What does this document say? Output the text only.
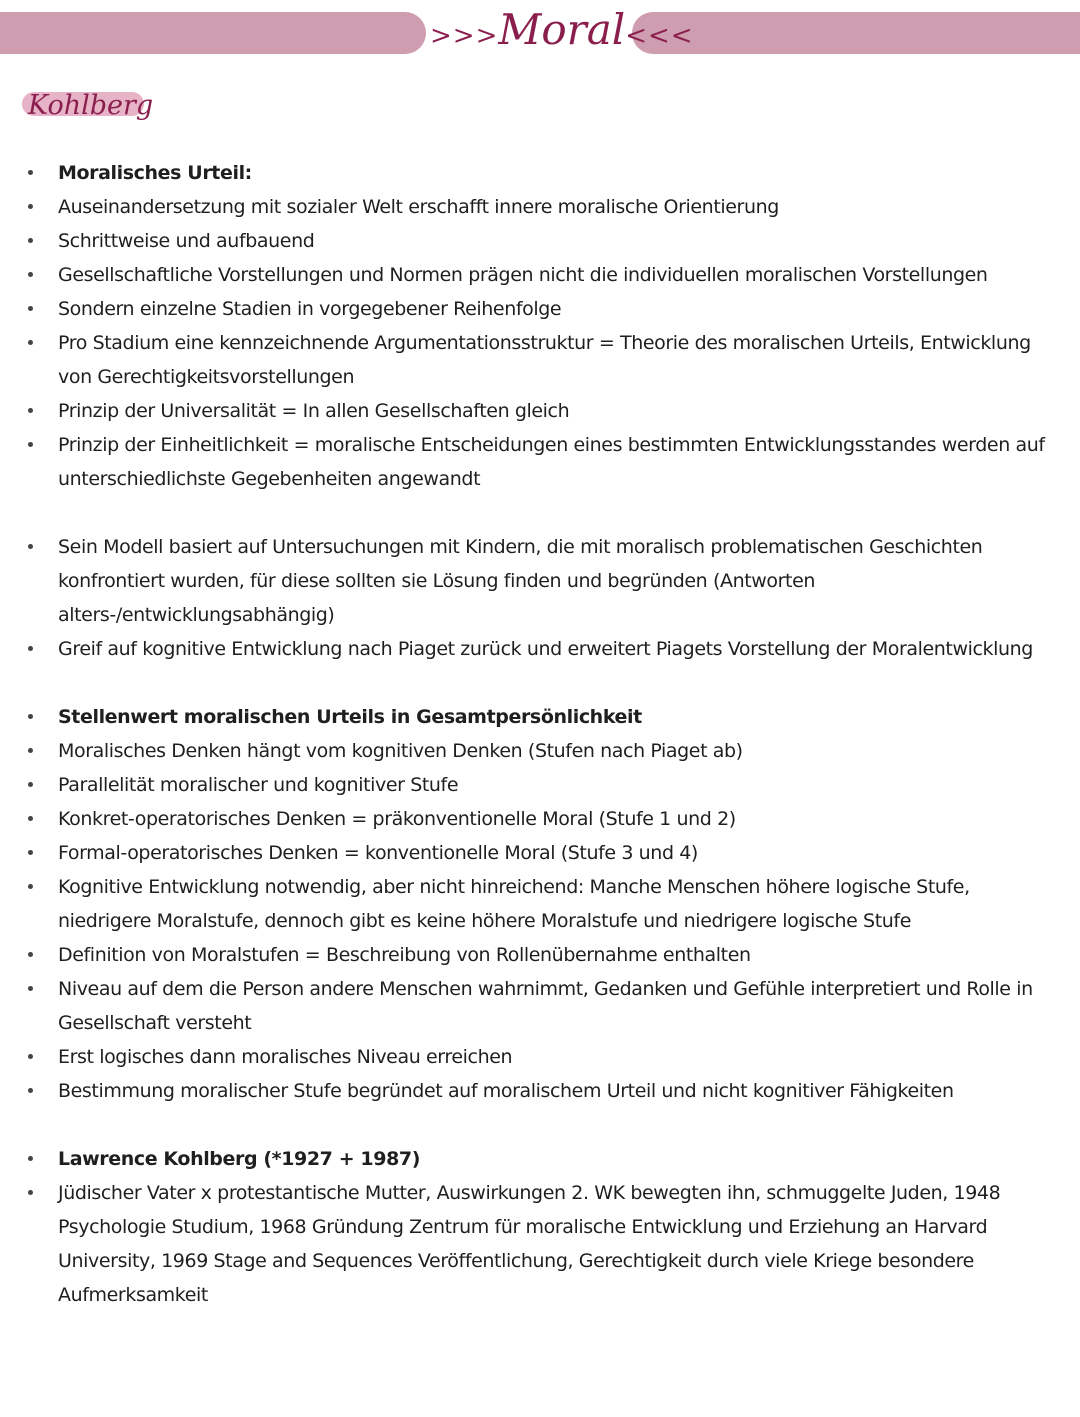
>>>Moral<<<
Kohlberg
Moralisches Urteil:
Auseinandersetzung mit sozialer Welt erschafft innere moralische Orientierung
Schrittweise und aufbauend
Gesellschaftliche Vorstellungen und Normen prägen nicht die individuellen moralischen Vorstellungen
Sondern einzelne Stadien in vorgegebener Reihenfolge
Pro Stadium eine kennzeichnende Argumentationsstruktur = Theorie des moralischen Urteils, Entwicklung von Gerechtigkeitsvorstellungen
Prinzip der Universalität = In allen Gesellschaften gleich
Prinzip der Einheitlichkeit = moralische Entscheidungen eines bestimmten Entwicklungsstandes werden auf unterschiedlichste Gegebenheiten angewandt
Sein Modell basiert auf Untersuchungen mit Kindern, die mit moralisch problematischen Geschichten konfrontiert wurden, für diese sollten sie Lösung finden und begründen (Antworten alters-/entwicklungsabhängig)
Greif auf kognitive Entwicklung nach Piaget zurück und erweitert Piagets Vorstellung der Moralentwicklung
Stellenwert moralischen Urteils in Gesamtpersönlichkeit
Moralisches Denken hängt vom kognitiven Denken (Stufen nach Piaget ab)
Parallelität moralischer und kognitiver Stufe
Konkret-operatorisches Denken = präkonventionelle Moral (Stufe 1 und 2)
Formal-operatorisches Denken = konventionelle Moral (Stufe 3 und 4)
Kognitive Entwicklung notwendig, aber nicht hinreichend: Manche Menschen höhere logische Stufe, niedrigere Moralstufe, dennoch gibt es keine höhere Moralstufe und niedrigere logische Stufe
Definition von Moralstufen = Beschreibung von Rollenübernahme enthalten
Niveau auf dem die Person andere Menschen wahrnimmt, Gedanken und Gefühle interpretiert und Rolle in Gesellschaft versteht
Erst logisches dann moralisches Niveau erreichen
Bestimmung moralischer Stufe begründet auf moralischem Urteil und nicht kognitiver Fähigkeiten
Lawrence Kohlberg (*1927 + 1987)
Jüdischer Vater x protestantische Mutter, Auswirkungen 2. WK bewegten ihn, schmuggelte Juden, 1948 Psychologie Studium, 1968 Gründung Zentrum für moralische Entwicklung und Erziehung an Harvard University, 1969 Stage and Sequences Veröffentlichung, Gerechtigkeit durch viele Kriege besondere Aufmerksamkeit
